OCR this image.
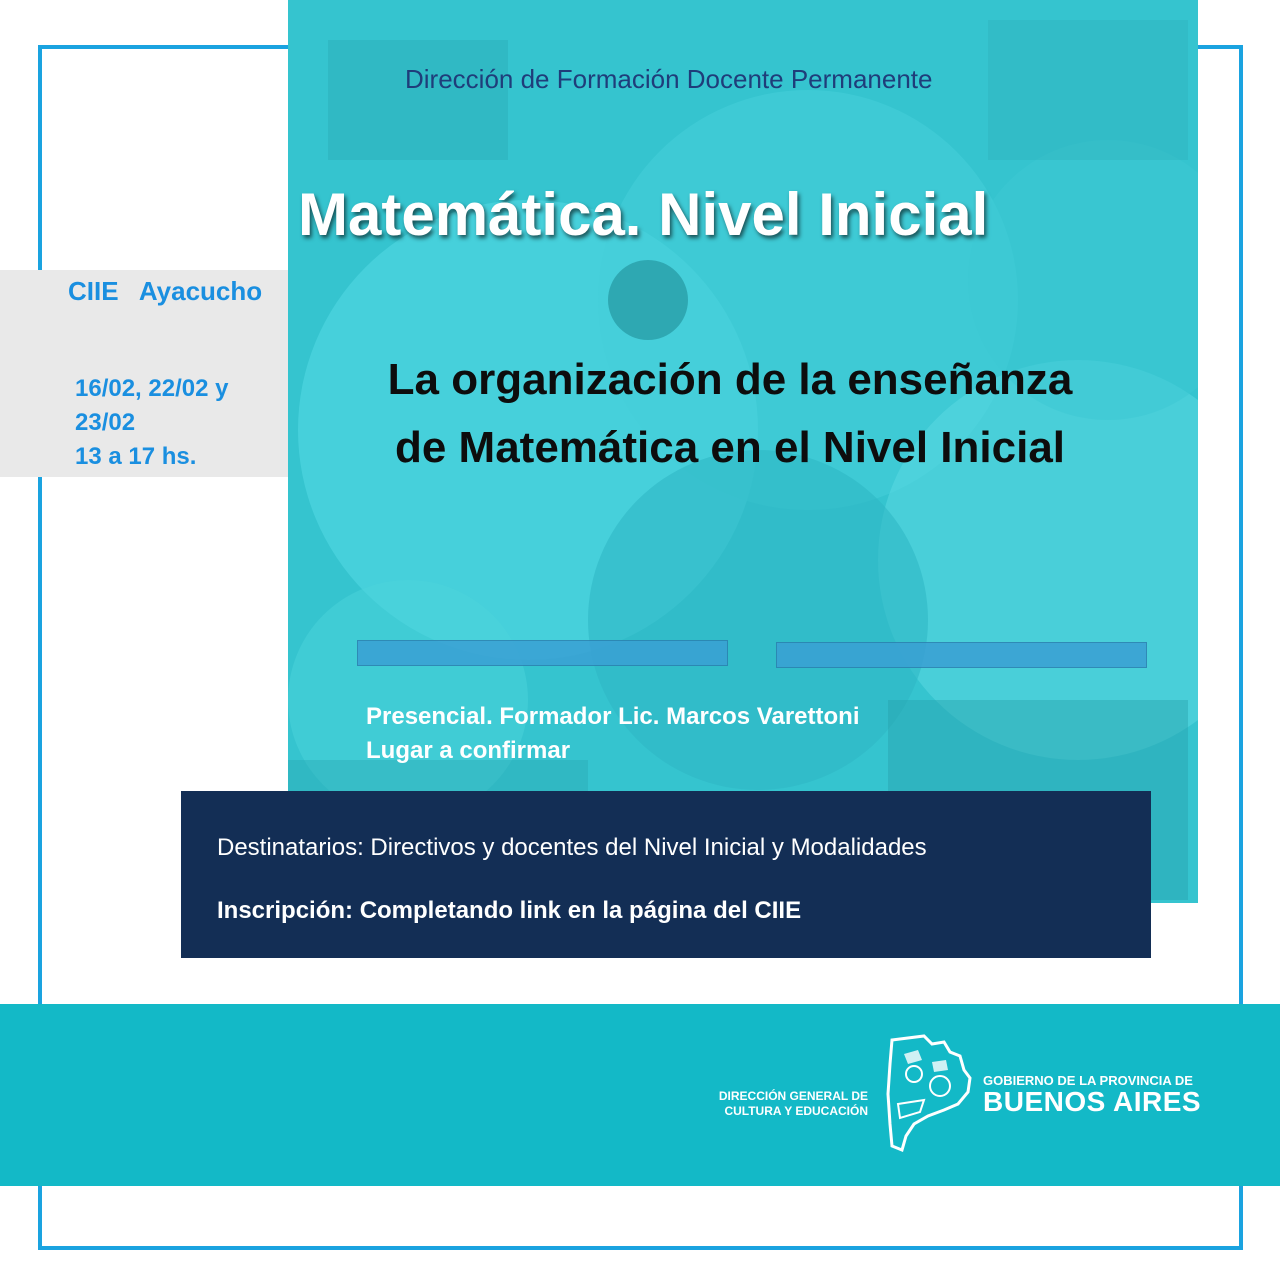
Dirección de Formación Docente Permanente
Matemática. Nivel Inicial
CIIE Ayacucho
16/02, 22/02 y
23/02
13 a 17 hs.
La organización de la enseñanza
de Matemática en el Nivel Inicial
Presencial. Formador Lic. Marcos Varettoni
Lugar a confirmar
Destinatarios: Directivos y docentes del Nivel Inicial y Modalidades
Inscripción: Completando link en la página del CIIE
DIRECCIÓN GENERAL DE
CULTURA Y EDUCACIÓN
GOBIERNO DE LA PROVINCIA DE
BUENOS AIRES
